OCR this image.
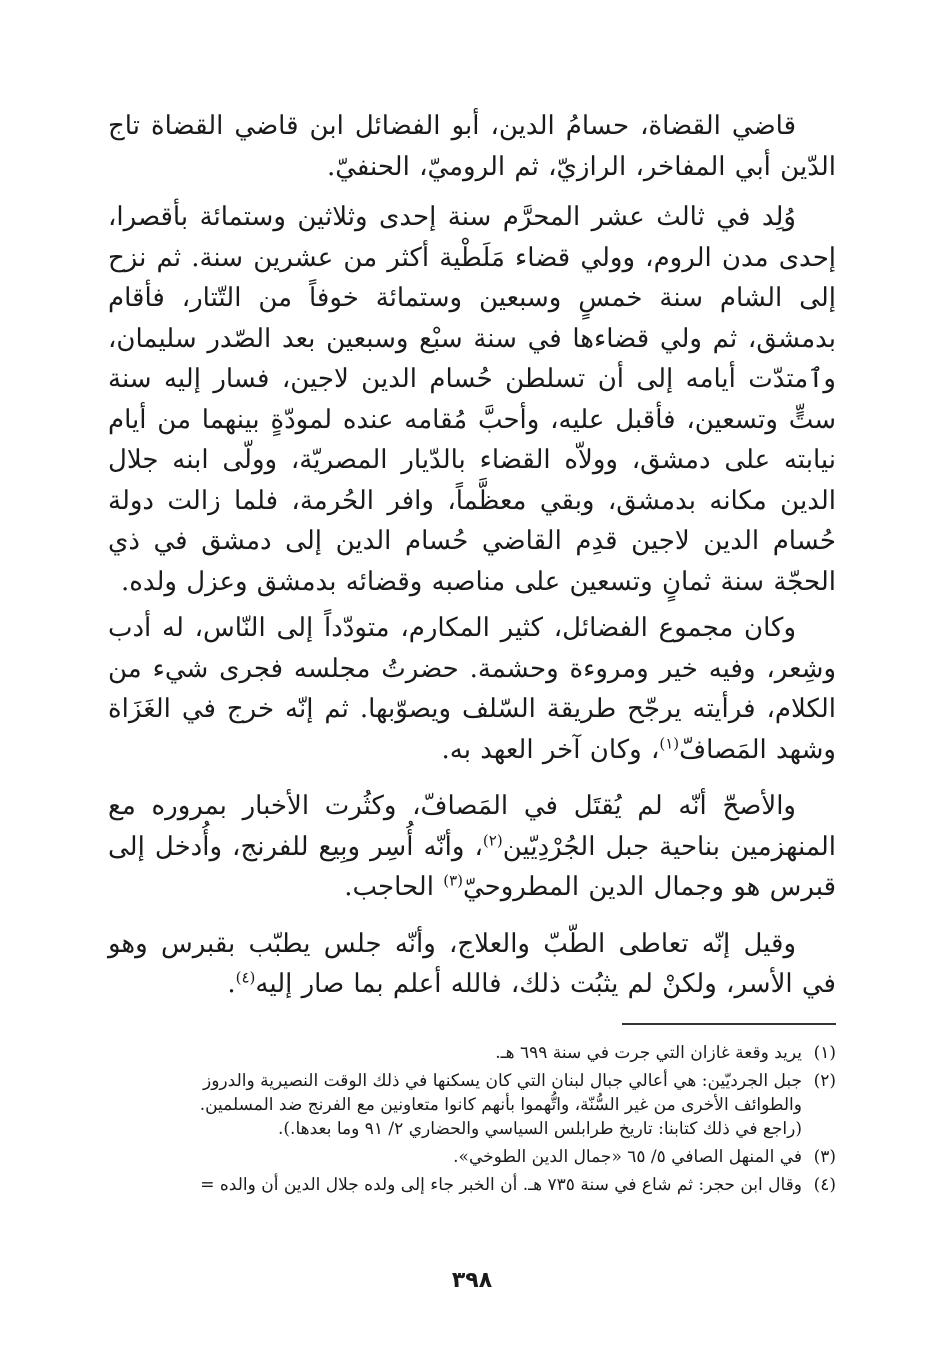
قاضي القضاة، حسامُ الدين، أبو الفضائل ابن قاضي القضاة تاج الدّين أبي المفاخر، الرازيّ، ثم الروميّ، الحنفيّ.

وُلِد في ثالث عشر المحرَّم سنة إحدى وثلاثين وستمائة بأقصرا، إحدى مدن الروم، وولي قضاء مَلَطْية أكثر من عشرين سنة. ثم نزح إلى الشام سنة خمسٍ وسبعين وستمائة خوفاً من التّتار، فأقام بدمشق، ثم ولي قضاءها في سنة سبْع وسبعين بعد الصّدر سليمان، وٱمتدّت أيامه إلى أن تسلطن حُسام الدين لاجين، فسار إليه سنة ستٍّ وتسعين، فأقبل عليه، وأحبَّ مُقامه عنده لمودّةٍ بينهما من أيام نيابته على دمشق، وولاّه القضاء بالدّيار المصريّة، وولّى ابنه جلال الدين مكانه بدمشق، وبقي معظَّماً، وافر الحُرمة، فلما زالت دولة حُسام الدين لاجين قدِم القاضي حُسام الدين إلى دمشق في ذي الحجّة سنة ثمانٍ وتسعين على مناصبه وقضائه بدمشق وعزل ولده.

وكان مجموع الفضائل، كثير المكارم، متودّداً إلى النّاس، له أدب وشِعر، وفيه خير ومروءة وحشمة. حضرتُ مجلسه فجرى شيء من الكلام، فرأيته يرجّح طريقة السّلف ويصوّبها. ثم إنّه خرج في الغَزَاة وشهد المَصافّ$^{(١)}$، وكان آخر العهد به.

والأصحّ أنّه لم يُقتَل في المَصافّ، وكثُرت الأخبار بمروره مع المنهزمين بناحية جبل الجُرْدِيّين$^{(٢)}$، وأنّه أُسِر وبِيع للفرنج، وأُدخل إلى قبرس هو وجمال الدين المطروحيّ$^{(٣)}$ الحاجب.

وقيل إنّه تعاطى الطّبّ والعلاج، وأنّه جلس يطبّب بقبرس وهو في الأسر، ولكنْ لم يثبُت ذلك، فالله أعلم بما صار إليه$^{(٤)}$.

(١)
يريد وقعة غازان التي جرت في سنة ٦٩٩ هـ.
(٢)
جبل الجرديّين: هي أعالي جبال لبنان التي كان يسكنها في ذلك الوقت النصيرية والدروز
والطوائف الأخرى من غير السُّنّة، واتُّهموا بأنهم كانوا متعاونين مع الفرنج ضد المسلمين.
(راجع في ذلك كتابنا: تاريخ طرابلس السياسي والحضاري ٢/ ٩١ وما بعدها.).
(٣)
في المنهل الصافي ٥/ ٦٥ «جمال الدين الطوخي».
(٤)
وقال ابن حجر: ثم شاع في سنة ٧٣٥ هـ. أن الخبر جاء إلى ولده جلال الدين أن والده =
٣٩٨
